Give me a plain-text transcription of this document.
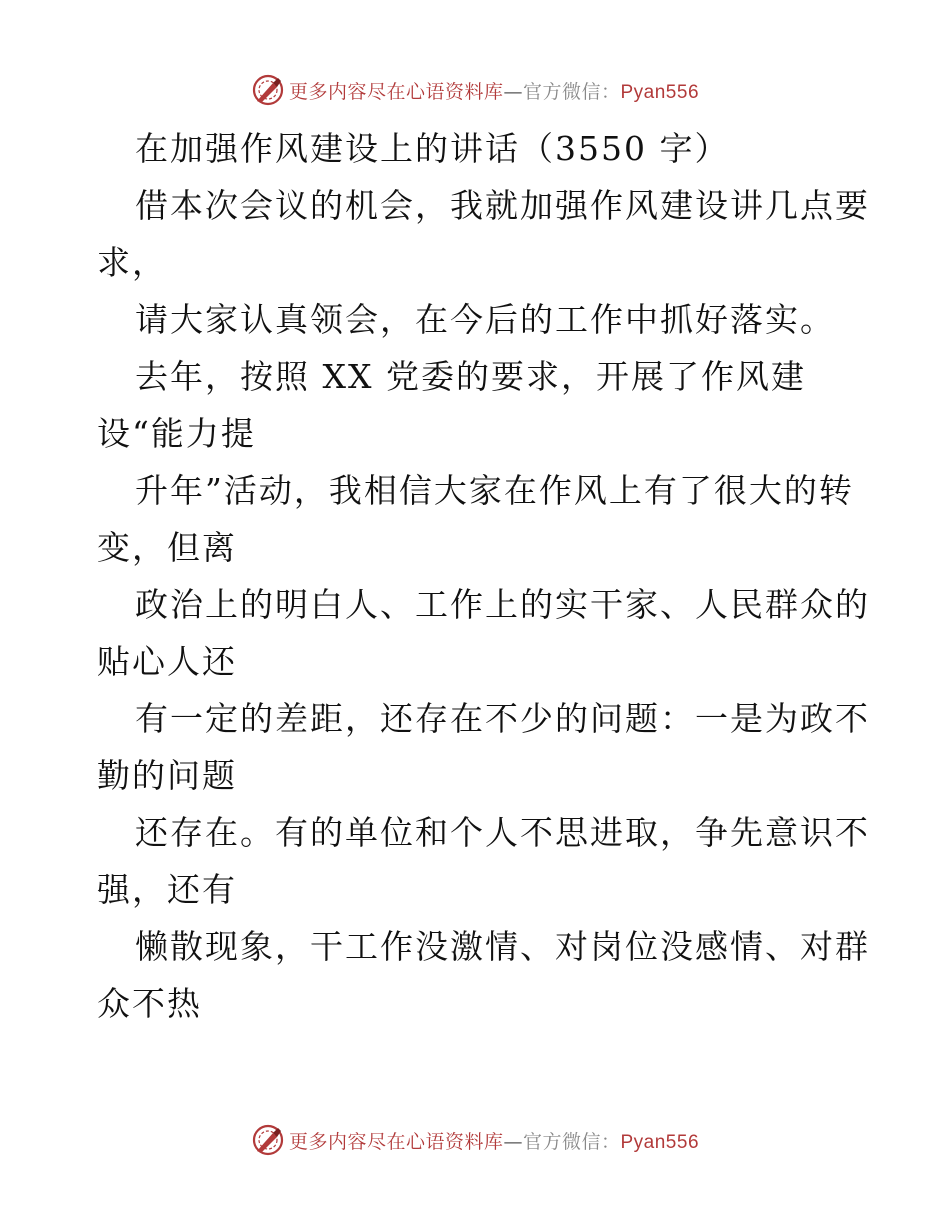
更多内容尽在心语资料库—官方微信：Pyan556

在加强作风建设上的讲话（3550 字）

借本次会议的机会，我就加强作风建设讲几点要
求，

请大家认真领会，在今后的工作中抓好落实。

去年，按照 XX 党委的要求，开展了作风建
设“能力提

升年”活动，我相信大家在作风上有了很大的转
变，但离

政治上的明白人、工作上的实干家、人民群众的
贴心人还

有一定的差距，还存在不少的问题：一是为政不
勤的问题

还存在。有的单位和个人不思进取，争先意识不
强，还有

懒散现象，干工作没激情、对岗位没感情、对群
众不热

更多内容尽在心语资料库—官方微信：Pyan556
